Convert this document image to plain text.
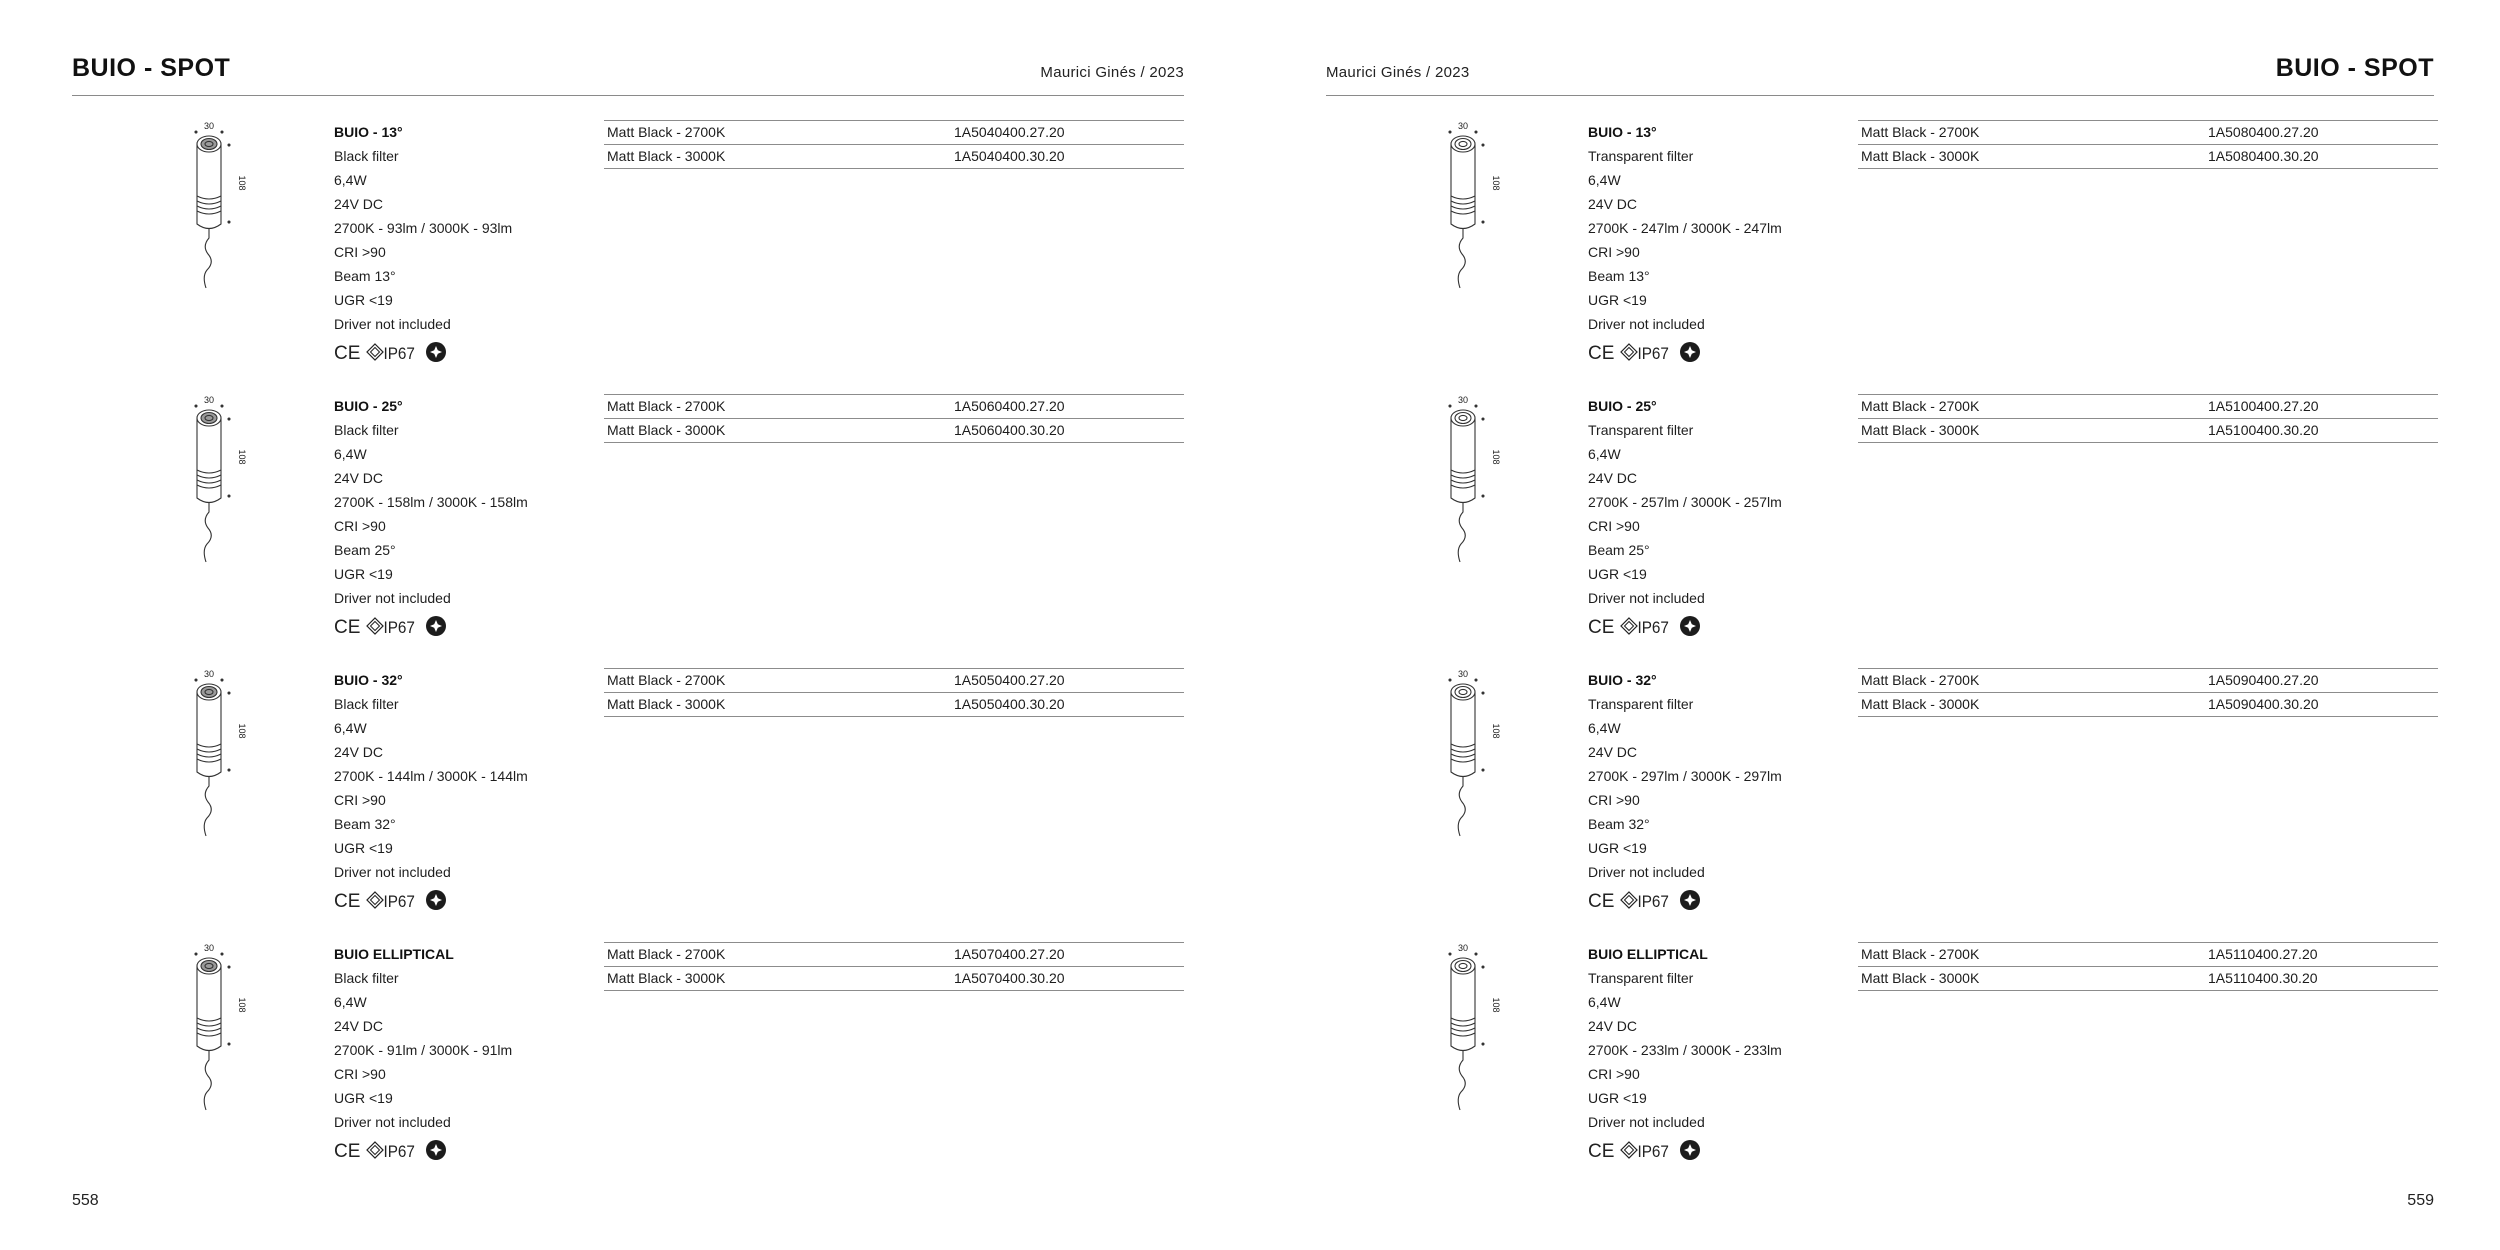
BUIO - SPOT	Maurici Ginés / 2023
558
30
108
BUIO - 13°
Black filter
6,4W
24V DC
2700K - 93lm / 3000K - 93lm
CRI >90
Beam 13°
UGR <19
Driver not included
CE IP67
Matt Black - 2700K	1A5040400.27.20
Matt Black - 3000K	1A5040400.30.20
30
108
BUIO - 25°
Black filter
6,4W
24V DC
2700K - 158lm / 3000K - 158lm
CRI >90
Beam 25°
UGR <19
Driver not included
CE IP67
Matt Black - 2700K	1A5060400.27.20
Matt Black - 3000K	1A5060400.30.20
30
108
BUIO - 32°
Black filter
6,4W
24V DC
2700K - 144lm / 3000K - 144lm
CRI >90
Beam 32°
UGR <19
Driver not included
CE IP67
Matt Black - 2700K	1A5050400.27.20
Matt Black - 3000K	1A5050400.30.20
30
108
BUIO ELLIPTICAL
Black filter
6,4W
24V DC
2700K - 91lm / 3000K - 91lm
CRI >90
UGR <19
Driver not included
CE IP67
Matt Black - 2700K	1A5070400.27.20
Matt Black - 3000K	1A5070400.30.20
BUIO - SPOT
Maurici Ginés / 2023
559
30
108
BUIO - 13°
Transparent filter
6,4W
24V DC
2700K - 247lm / 3000K - 247lm
CRI >90
Beam 13°
UGR <19
Driver not included
CE IP67
Matt Black - 2700K	1A5080400.27.20
Matt Black - 3000K	1A5080400.30.20
30
108
BUIO - 25°
Transparent filter
6,4W
24V DC
2700K - 257lm / 3000K - 257lm
CRI >90
Beam 25°
UGR <19
Driver not included
CE IP67
Matt Black - 2700K	1A5100400.27.20
Matt Black - 3000K	1A5100400.30.20
30
108
BUIO - 32°
Transparent filter
6,4W
24V DC
2700K - 297lm / 3000K - 297lm
CRI >90
Beam 32°
UGR <19
Driver not included
CE IP67
Matt Black - 2700K	1A5090400.27.20
Matt Black - 3000K	1A5090400.30.20
30
108
BUIO ELLIPTICAL
Transparent filter
6,4W
24V DC
2700K - 233lm / 3000K - 233lm
CRI >90
UGR <19
Driver not included
CE IP67
Matt Black - 2700K	1A5110400.27.20
Matt Black - 3000K	1A5110400.30.20
